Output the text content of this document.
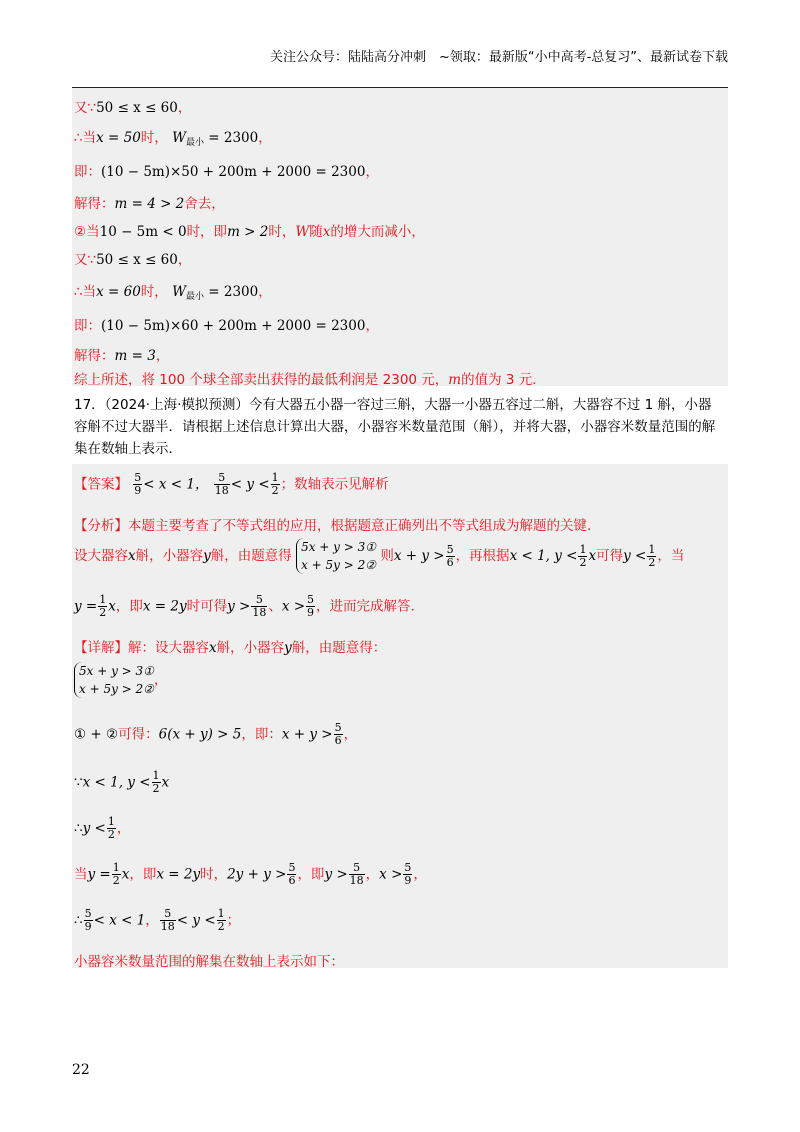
关注公众号：陆陆高分冲刺　~领取：最新版“小中高考-总复习”、最新试卷下载
又∵50 ≤ x ≤ 60，
∴当x = 50时， $W_{最小} = 2300$，
即：(10 − 5m)×50 + 200m + 2000 = 2300，
解得：m = 4 > 2舍去，
②当10 − 5m < 0时，即m > 2时，W随x的增大而减小，
又∵50 ≤ x ≤ 60，
∴当x = 60时， $W_{最小} = 2300$，
即：(10 − 5m)×60 + 200m + 2000 = 2300，
解得：m = 3，
综上所述，将 100 个球全部卖出获得的最低利润是 2300 元，m的值为 3 元．
17．（2024·上海·模拟预测）今有大器五小器一容过三斛，大器一小器五容过二斛，大器容不过 1 斛，小器容斛不过大器半．请根据上述信息计算出大器，小器容米数量范围（斛），并将大器，小器容米数量范围的解集在数轴上表示．
【答案】 $\frac{5}{9} < x < 1$， $\frac{5}{18} < y < \frac{1}{2}$ ；数轴表示见解析
【分析】本题主要考查了不等式组的应用，根据题意正确列出不等式组成为解题的关键．
设大器容x斛，小器容y斛，由题意得
5x + y > 3①
x + 5y > 2②
则$x + y > \frac{5}{6}$ ，再根据x < 1, $y < \frac{1}{2}$ x可得$y < \frac{1}{2}$ ，当
$y = \frac{1}{2}$ x，即x = 2y时可得$y > \frac{5}{18}$ 、$x > \frac{5}{9}$ ，进而完成解答．
【详解】解：设大器容x斛，小器容y斛，由题意得：
5x + y > 3①
x + 5y > 2②
，
① + ②可得：6(x + y) > 5，即：$x + y > \frac{5}{6}$ ，
∵x < 1, $y < \frac{1}{2}$ x
∴y < $\frac{1}{2}$ ，
当$y = \frac{1}{2}$ x，即x = 2y时，$2y + y > \frac{5}{6}$ ，即$y > \frac{5}{18}$ ，$x > \frac{5}{9}$ ，
∴ $\frac{5}{9} < x < 1$， $\frac{5}{18} < y < \frac{1}{2}$ ；
小器容米数量范围的解集在数轴上表示如下：
22
